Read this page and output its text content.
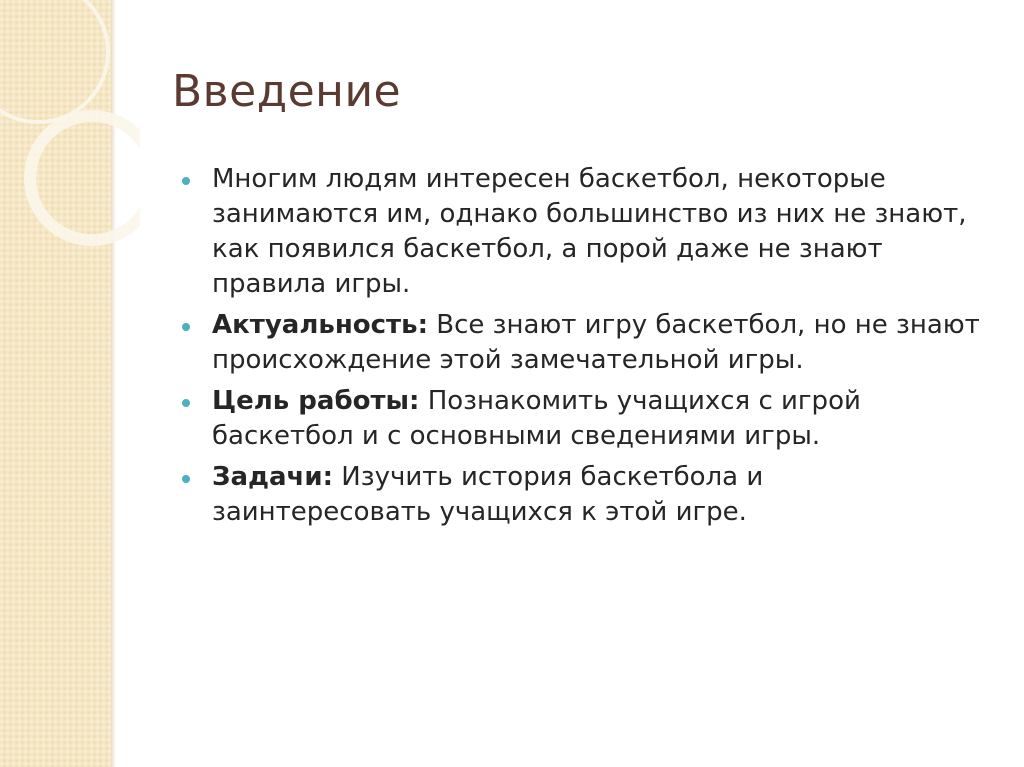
Введение
Многим людям интересен баскетбол, некоторые занимаются им, однако большинство из них не знают, как появился баскетбол, а порой даже не знают правила игры.
Актуальность: Все знают игру баскетбол, но не знают происхождение этой замечательной игры.
Цель работы: Познакомить учащихся с игрой баскетбол и с основными сведениями игры.
Задачи: Изучить история баскетбола и заинтересовать учащихся к этой игре.
